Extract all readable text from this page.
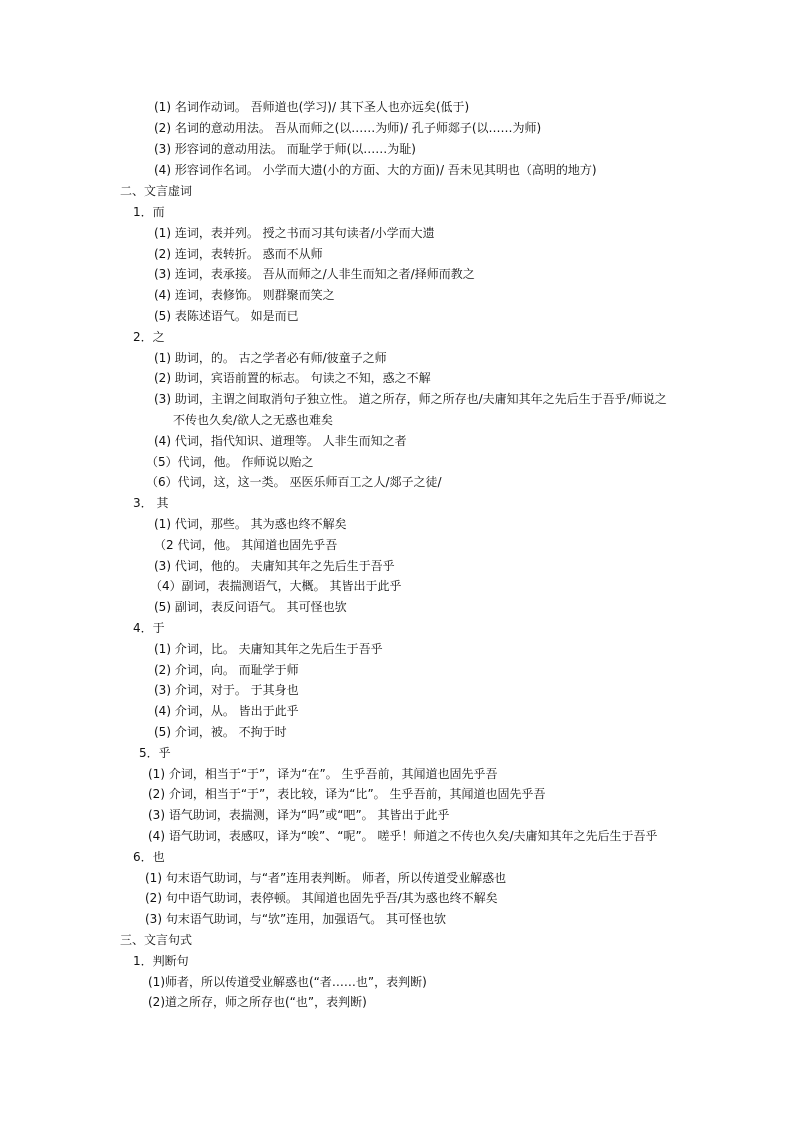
(1) 名词作动词。 吾师道也(学习)/ 其下圣人也亦远矣(低于)
(2) 名词的意动用法。 吾从而师之(以……为师)/ 孔子师郯子(以……为师)
(3) 形容词的意动用法。 而耻学于师(以……为耻)
(4) 形容词作名词。 小学而大遗(小的方面、大的方面)/ 吾未见其明也（高明的地方)
二、文言虚词
1．而
(1) 连词，表并列。 授之书而习其句读者/小学而大遗
(2) 连词，表转折。 惑而不从师
(3) 连词，表承接。 吾从而师之/人非生而知之者/择师而教之
(4) 连词，表修饰。 则群聚而笑之
(5) 表陈述语气。 如是而已
2．之
(1) 助词，的。 古之学者必有师/彼童子之师
(2) 助词，宾语前置的标志。 句读之不知，惑之不解
(3) 助词，主谓之间取消句子独立性。 道之所存，师之所存也/夫庸知其年之先后生于吾乎/师说之
不传也久矣/欲人之无惑也难矣
(4) 代词，指代知识、道理等。 人非生而知之者
（5）代词，他。 作师说以贻之
（6）代词，这，这一类。 巫医乐师百工之人/郯子之徒/
3． 其
(1) 代词，那些。 其为惑也终不解矣
（2 代词，他。 其闻道也固先乎吾
(3) 代词，他的。 夫庸知其年之先后生于吾乎
（4）副词，表揣测语气，大概。 其皆出于此乎
(5) 副词，表反问语气。 其可怪也欤
4．于
(1) 介词，比。 夫庸知其年之先后生于吾乎
(2) 介词，向。 而耻学于师
(3) 介词，对于。 于其身也
(4) 介词，从。 皆出于此乎
(5) 介词，被。 不拘于时
5．乎
(1) 介词，相当于“于”，译为“在”。 生乎吾前，其闻道也固先乎吾
(2) 介词，相当于“于”，表比较，译为“比”。 生乎吾前，其闻道也固先乎吾
(3) 语气助词，表揣测，译为“吗”或“吧”。 其皆出于此乎
(4) 语气助词，表感叹，译为“唉”、“呢”。 嗟乎！师道之不传也久矣/夫庸知其年之先后生于吾乎
6．也
(1) 句末语气助词，与“者”连用表判断。 师者，所以传道受业解惑也
(2) 句中语气助词，表停顿。 其闻道也固先乎吾/其为惑也终不解矣
(3) 句末语气助词，与“欤”连用，加强语气。 其可怪也欤
三、文言句式
1．判断句
(1)师者，所以传道受业解惑也(“者……也”，表判断)
(2)道之所存，师之所存也(“也”，表判断)
